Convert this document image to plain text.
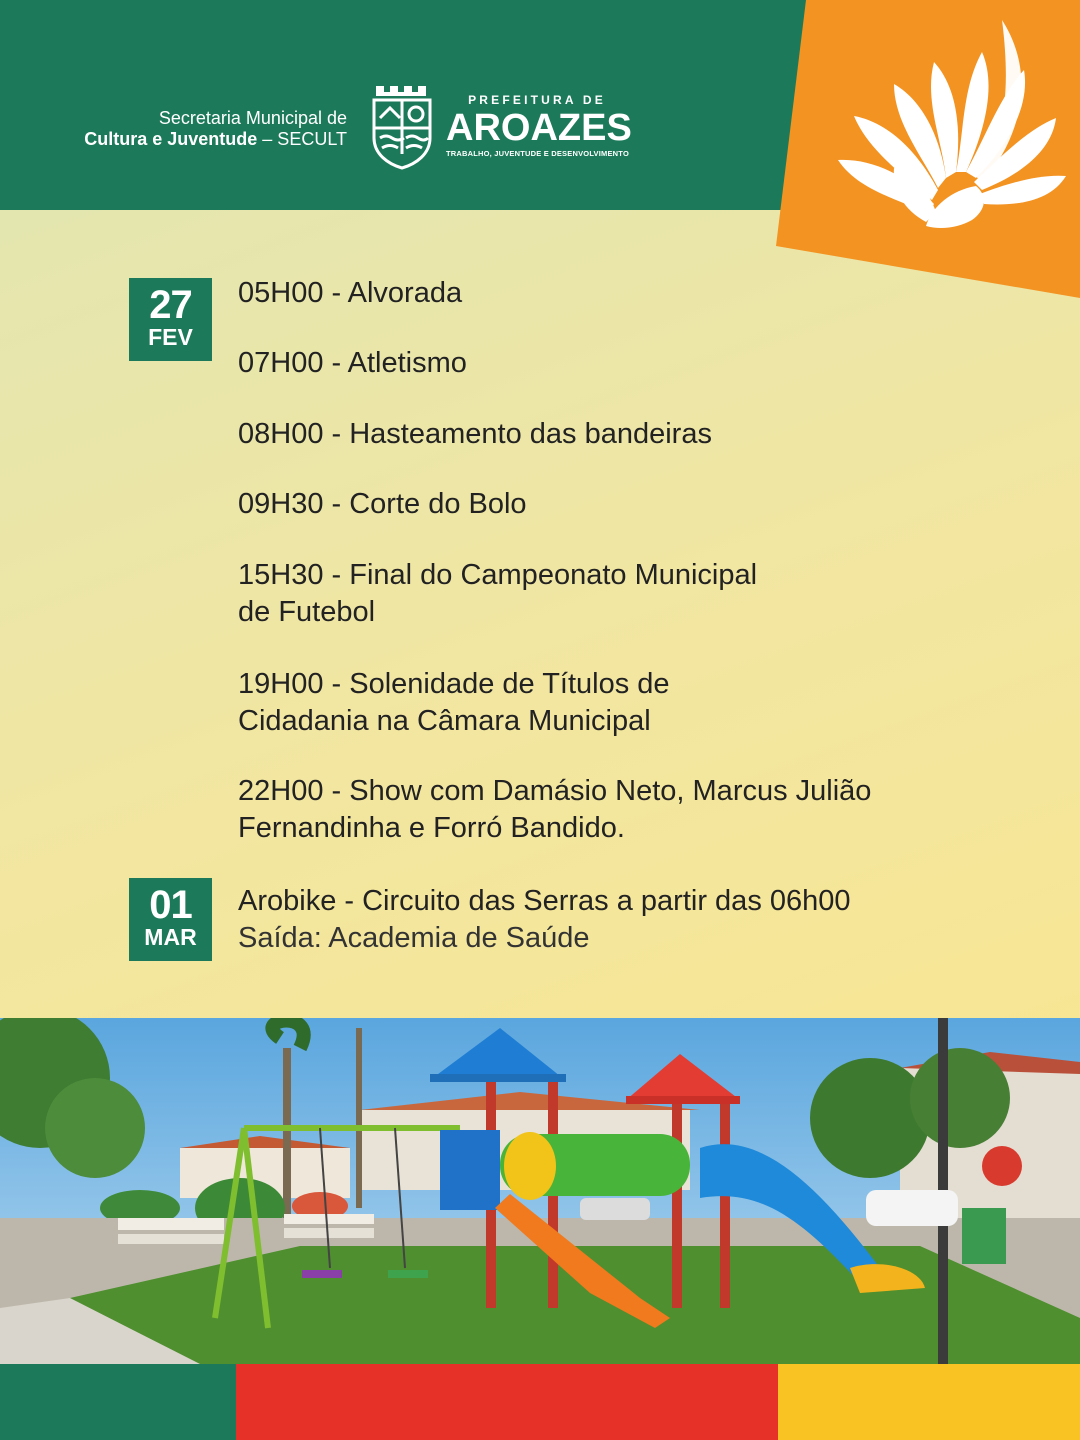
Secretaria Municipal de
Cultura e Juventude – SECULT
PREFEITURA DE
AROAZES
TRABALHO, JUVENTUDE E DESENVOLVIMENTO
27
FEV
01
MAR
05H00 - Alvorada
07H00 - Atletismo
08H00 - Hasteamento das bandeiras
09H30 - Corte do Bolo
15H30 - Final do Campeonato Municipal
de Futebol
19H00 - Solenidade de Títulos de
Cidadania na Câmara Municipal
22H00 - Show com Damásio Neto, Marcus Julião
Fernandinha e Forró Bandido.
Arobike - Circuito das Serras a partir das 06h00
Saída: Academia de Saúde
